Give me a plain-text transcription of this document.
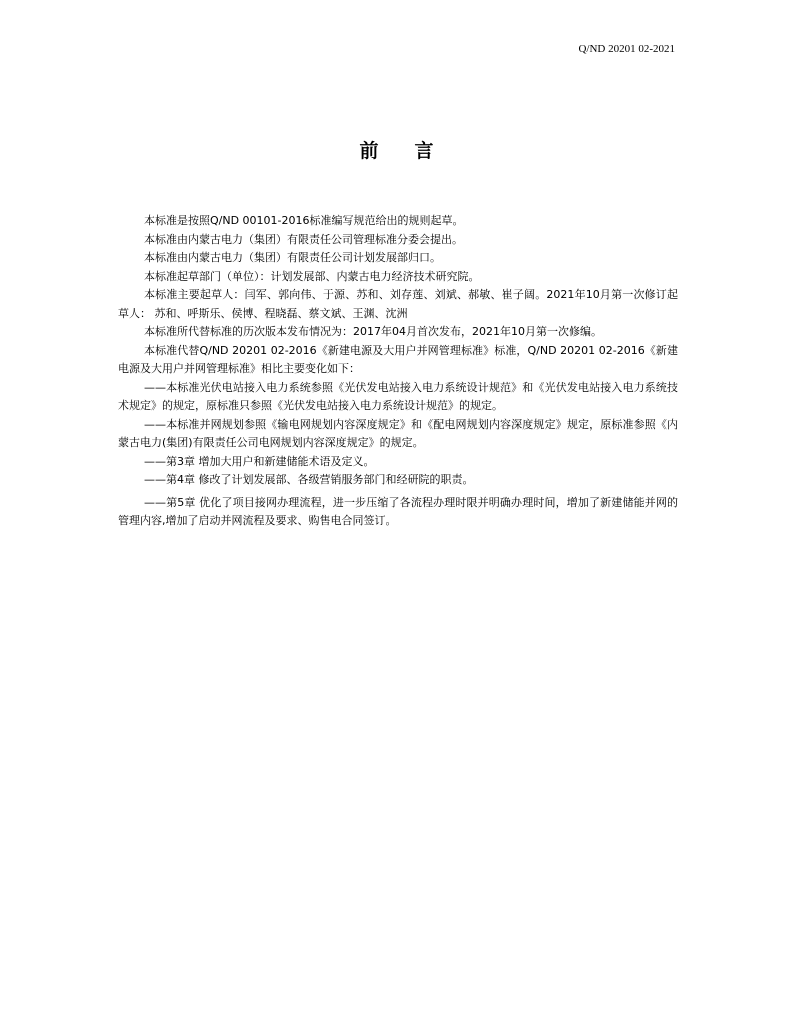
Q/ND 20201 02-2021
前言

本标准是按照Q/ND 00101-2016标准编写规范给出的规则起草。

本标准由内蒙古电力（集团）有限责任公司管理标准分委会提出。

本标准由内蒙古电力（集团）有限责任公司计划发展部归口。

本标准起草部门（单位）：计划发展部、内蒙古电力经济技术研究院。

本标准主要起草人：闫军、郭向伟、于源、苏和、刘存莲、刘斌、郝敏、崔子阔。2021年10月第一次修订起草人： 苏和、呼斯乐、侯博、程晓磊、蔡文斌、王渊、沈洲

本标准所代替标准的历次版本发布情况为：2017年04月首次发布，2021年10月第一次修编。

本标准代替Q/ND 20201 02-2016《新建电源及大用户并网管理标准》标准，Q/ND 20201 02-2016《新建电源及大用户并网管理标准》相比主要变化如下：

——本标准光伏电站接入电力系统参照《光伏发电站接入电力系统设计规范》和《光伏发电站接入电力系统技术规定》的规定，原标准只参照《光伏发电站接入电力系统设计规范》的规定。

——本标准并网规划参照《输电网规划内容深度规定》和《配电网规划内容深度规定》规定，原标准参照《内蒙古电力(集团)有限责任公司电网规划内容深度规定》的规定。

——第3章 增加大用户和新建储能术语及定义。

——第4章 修改了计划发展部、各级营销服务部门和经研院的职责。

——第5章 优化了项目接网办理流程，进一步压缩了各流程办理时限并明确办理时间，增加了新建储能并网的管理内容,增加了启动并网流程及要求、购售电合同签订。
